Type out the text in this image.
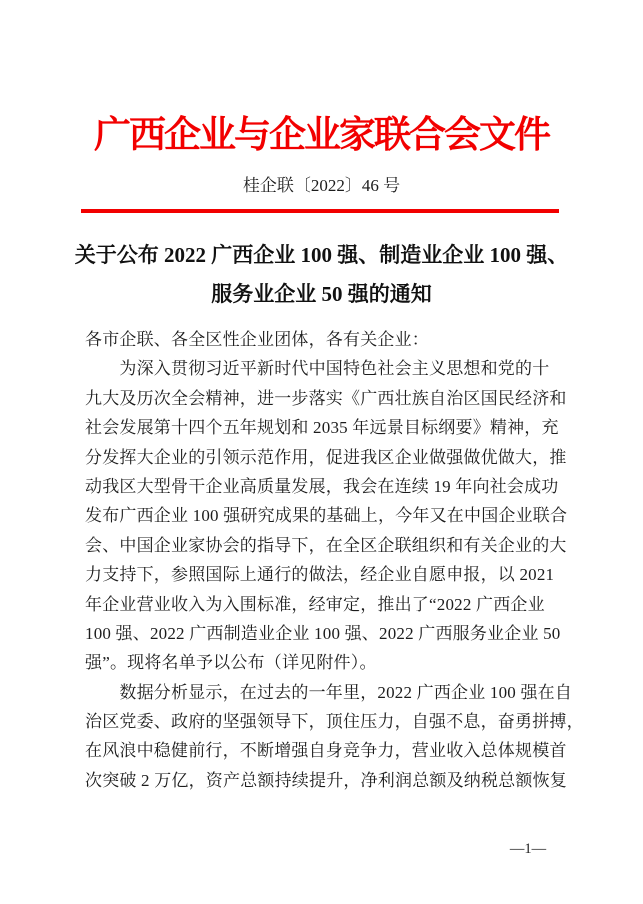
广西企业与企业家联合会文件
桂企联〔2022〕46 号
关于公布 2022 广西企业 100 强、制造业企业 100 强、
服务业企业 50 强的通知
各市企联、各全区性企业团体，各有关企业：
　　为深入贯彻习近平新时代中国特色社会主义思想和党的十
九大及历次全会精神，进一步落实《广西壮族自治区国民经济和
社会发展第十四个五年规划和 2035 年远景目标纲要》精神，充
分发挥大企业的引领示范作用，促进我区企业做强做优做大，推
动我区大型骨干企业高质量发展，我会在连续 19 年向社会成功
发布广西企业 100 强研究成果的基础上，今年又在中国企业联合
会、中国企业家协会的指导下，在全区企联组织和有关企业的大
力支持下，参照国际上通行的做法，经企业自愿申报，以 2021
年企业营业收入为入围标准，经审定，推出了“2022 广西企业
100 强、2022 广西制造业企业 100 强、2022 广西服务业企业 50
强”。现将名单予以公布（详见附件）。
　　数据分析显示，在过去的一年里，2022 广西企业 100 强在自
治区党委、政府的坚强领导下，顶住压力，自强不息，奋勇拼搏，
在风浪中稳健前行，不断增强自身竞争力，营业收入总体规模首
次突破 2 万亿，资产总额持续提升，净利润总额及纳税总额恢复
—1—
